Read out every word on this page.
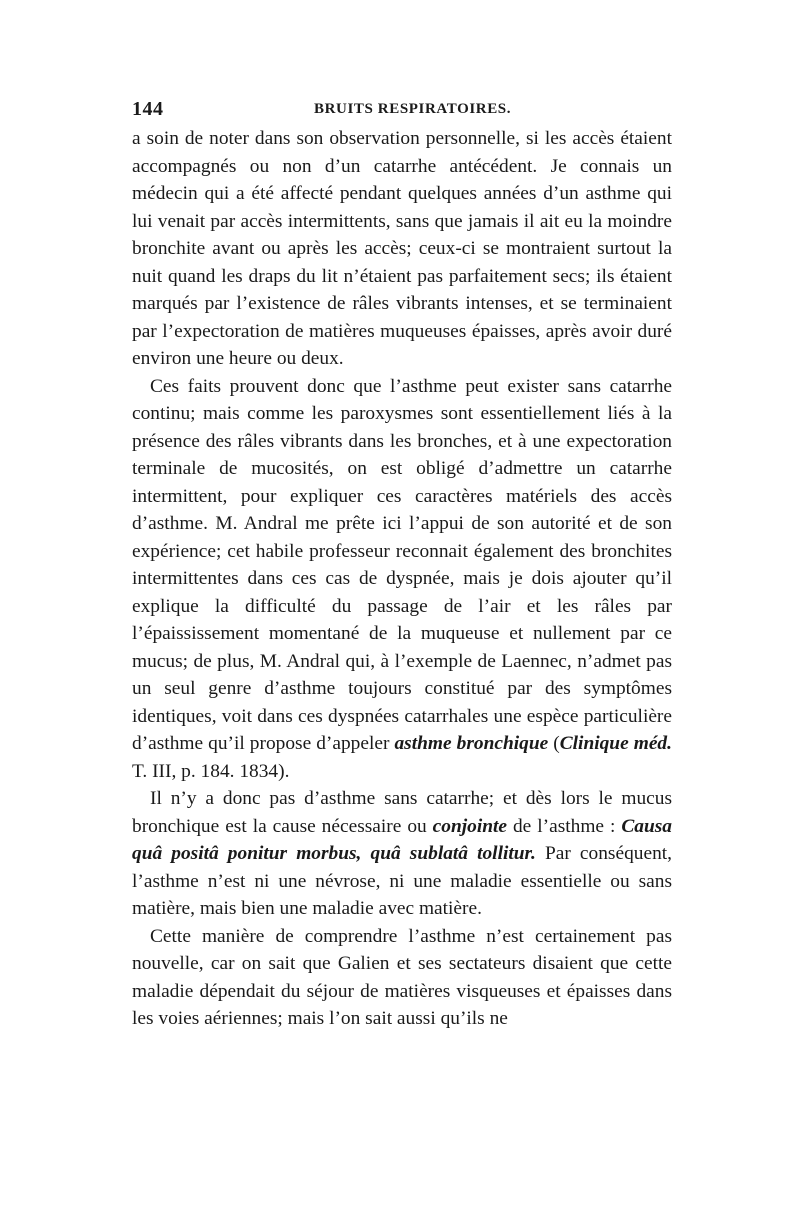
144	BRUITS RESPIRATOIRES.

a soin de noter dans son observation personnelle, si les accès étaient accompagnés ou non d’un catarrhe antécédent. Je connais un médecin qui a été affecté pendant quelques années d’un asthme qui lui venait par accès intermittents, sans que jamais il ait eu la moindre bronchite avant ou après les accès; ceux-ci se montraient surtout la nuit quand les draps du lit n’étaient pas parfaitement secs; ils étaient marqués par l’existence de râles vibrants intenses, et se terminaient par l’expectoration de matières muqueuses épaisses, après avoir duré environ une heure ou deux.

Ces faits prouvent donc que l’asthme peut exister sans catarrhe continu; mais comme les paroxysmes sont essentiellement liés à la présence des râles vibrants dans les bronches, et à une expectoration terminale de mucosités, on est obligé d’admettre un catarrhe intermittent, pour expliquer ces caractères matériels des accès d’asthme. M. Andral me prête ici l’appui de son autorité et de son expérience; cet habile professeur reconnait également des bronchites intermittentes dans ces cas de dyspnée, mais je dois ajouter qu’il explique la difficulté du passage de l’air et les râles par l’épaississement momentané de la muqueuse et nullement par ce mucus; de plus, M. Andral qui, à l’exemple de Laennec, n’admet pas un seul genre d’asthme toujours constitué par des symptômes identiques, voit dans ces dyspnées catarrhales une espèce particulière d’asthme qu’il propose d’appeler asthme bronchique (Clinique méd. T. III, p. 184. 1834).

Il n’y a donc pas d’asthme sans catarrhe; et dès lors le mucus bronchique est la cause nécessaire ou conjointe de l’asthme : Causa quâ positâ ponitur morbus, quâ sublatâ tollitur. Par conséquent, l’asthme n’est ni une névrose, ni une maladie essentielle ou sans matière, mais bien une maladie avec matière.

Cette manière de comprendre l’asthme n’est certainement pas nouvelle, car on sait que Galien et ses sectateurs disaient que cette maladie dépendait du séjour de matières visqueuses et épaisses dans les voies aériennes; mais l’on sait aussi qu’ils ne
